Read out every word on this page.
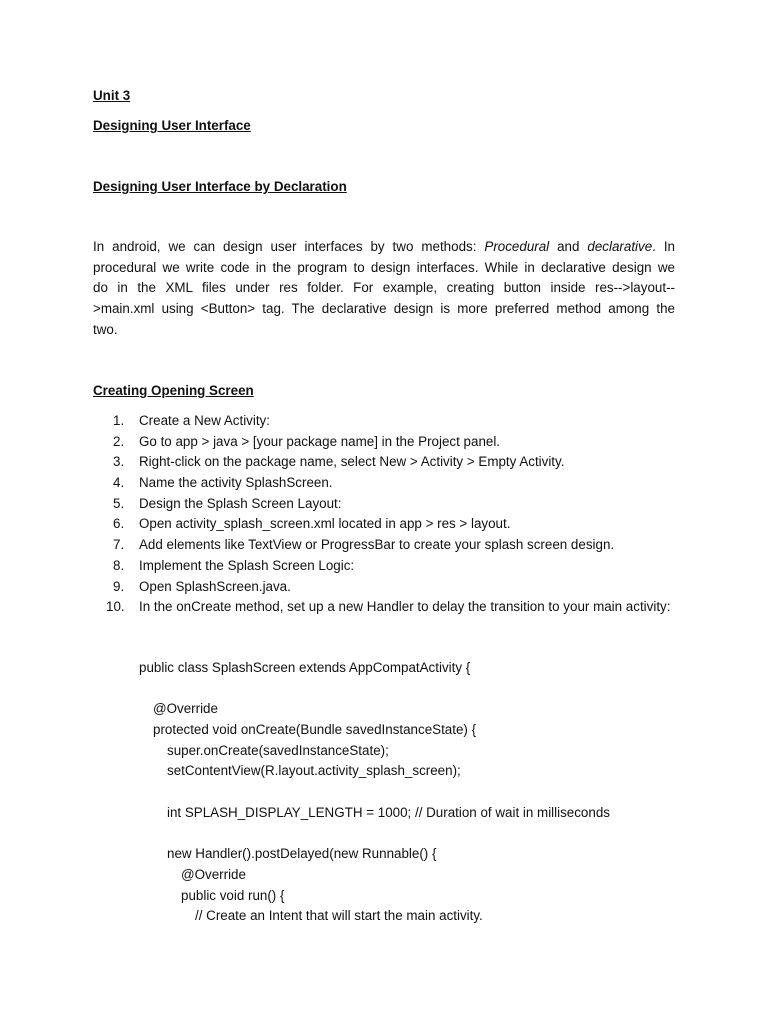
Unit 3

Designing User Interface

Designing User Interface by Declaration

In android, we can design user interfaces by two methods: Procedural and declarative. In
procedural we write code in the program to design interfaces. While in declarative design we
do in the XML files under res folder. For example, creating button inside res-->layout--
>main.xml using <Button> tag. The declarative design is more preferred method among the
two.

Creating Opening Screen

1. Create a New Activity:
2. Go to app > java > [your package name] in the Project panel.
3. Right-click on the package name, select New > Activity > Empty Activity.
4. Name the activity SplashScreen.
5. Design the Splash Screen Layout:
6. Open activity_splash_screen.xml located in app > res > layout.
7. Add elements like TextView or ProgressBar to create your splash screen design.
8. Implement the Splash Screen Logic:
9. Open SplashScreen.java.
10. In the onCreate method, set up a new Handler to delay the transition to your main activity:
public class SplashScreen extends AppCompatActivity {
@Override
protected void onCreate(Bundle savedInstanceState) {
super.onCreate(savedInstanceState);
setContentView(R.layout.activity_splash_screen);
int SPLASH_DISPLAY_LENGTH = 1000; // Duration of wait in milliseconds
new Handler().postDelayed(new Runnable() {
@Override
public void run() {
// Create an Intent that will start the main activity.
